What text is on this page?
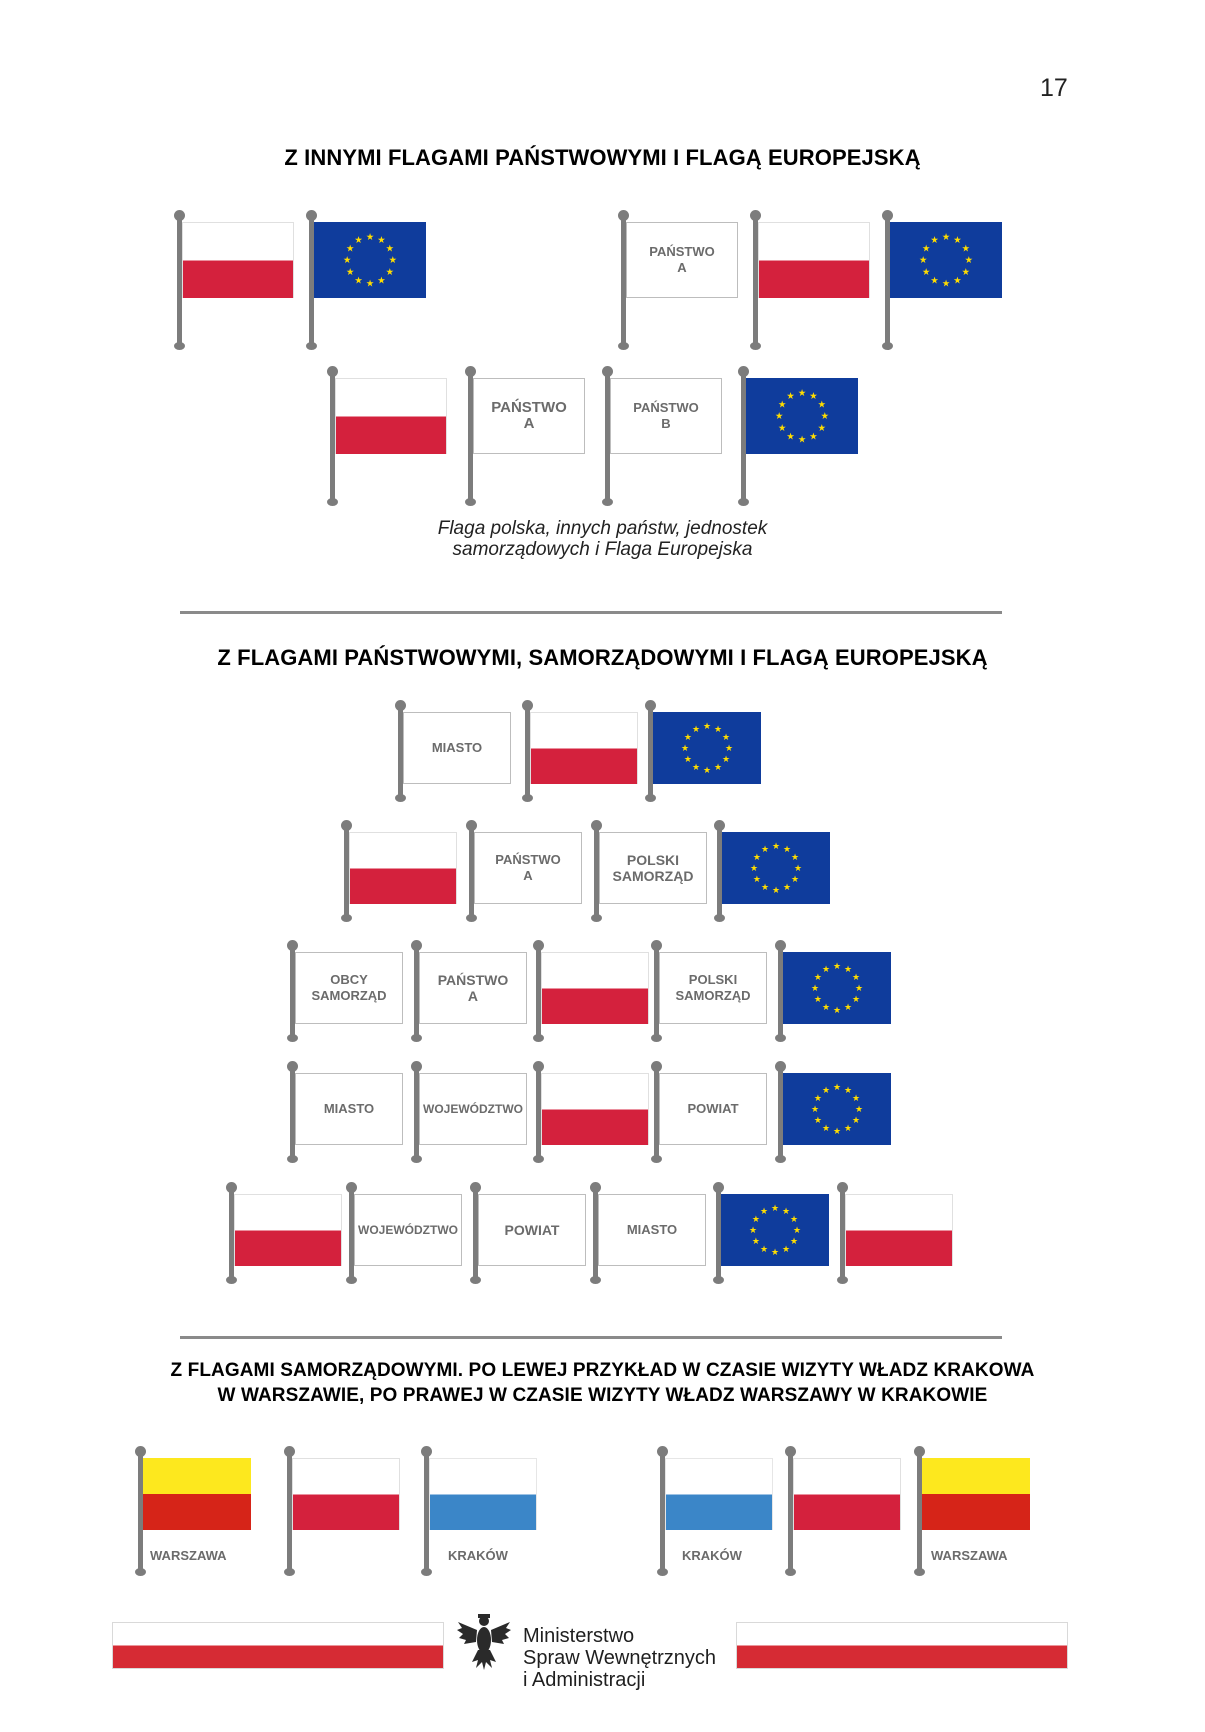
17
Z INNYMI FLAGAMI PAŃSTWOWYMI I FLAGĄ EUROPEJSKĄ
★ ★
★
★
★
★
★
★
★
★
★
★
PAŃSTWO
A
★ ★
★
★
★
★
★
★
★
★
★
★
PAŃSTWO
A
PAŃSTWO
B
★ ★
★
★
★
★
★
★
★
★
★
★
Flaga polska, innych państw, jednostek
samorządowych i Flaga Europejska
Z FLAGAMI PAŃSTWOWYMI, SAMORZĄDOWYMI I FLAGĄ EUROPEJSKĄ
MIASTO
★ ★
★
★
★
★
★
★
★
★
★
★
PAŃSTWO
A
POLSKI
SAMORZĄD
★ ★
★
★
★
★
★
★
★
★
★
★
OBCY
SAMORZĄD
PAŃSTWO
A
POLSKI
SAMORZĄD
★ ★
★
★
★
★
★
★
★
★
★
★
MIASTO	WOJEWÓDZTWO	POWIAT
★ ★
★
★
★
★
★
★
★
★
★
★
WOJEWÓDZTWO	POWIAT	MIASTO
★ ★
★
★
★
★
★
★
★
★
★
★
Z FLAGAMI SAMORZĄDOWYMI. PO LEWEJ PRZYKŁAD W CZASIE WIZYTY WŁADZ KRAKOWA
W WARSZAWIE, PO PRAWEJ W CZASIE WIZYTY WŁADZ WARSZAWY W KRAKOWIE
WARSZAWA	KRAKÓW	KRAKÓW	WARSZAWA
Ministerstwo
Spraw Wewnętrznych
i Administracji
